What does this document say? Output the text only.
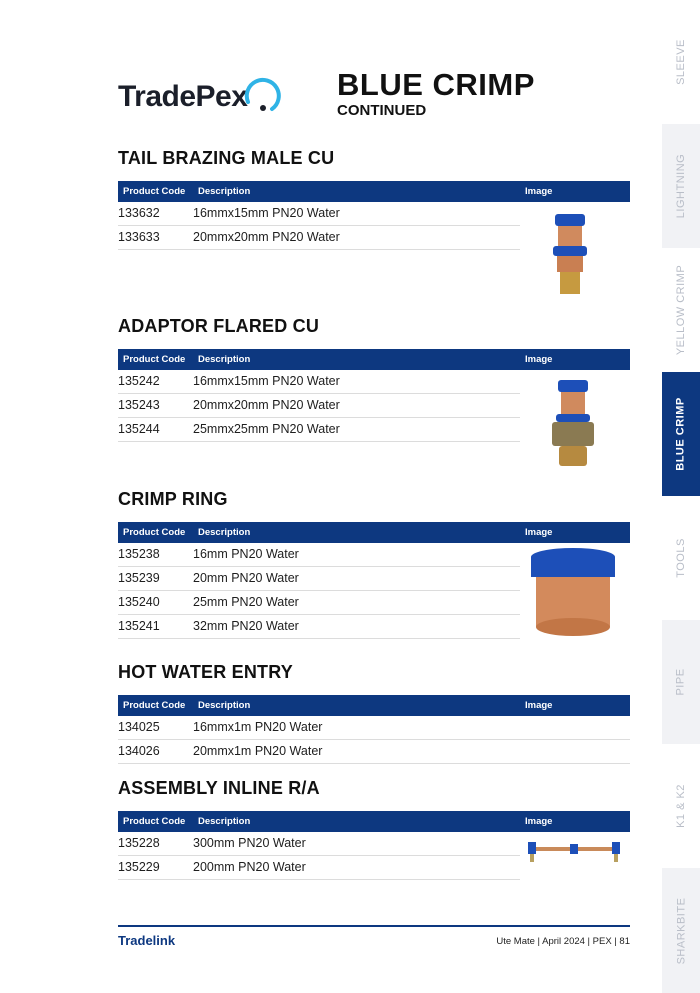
SLEEVE
LIGHTNING
YELLOW CRIMP
BLUE CRIMP
TOOLS
PIPE
K1 & K2
SHARKBITE
TradePex	BLUE CRIMP
CONTINUED
TAIL BRAZING MALE CU
Product Code Description	Image
133632	16mmx15mm PN20 Water
133633	20mmx20mm PN20 Water
ADAPTOR FLARED CU
Product Code Description	Image
135242	16mmx15mm PN20 Water
135243	20mmx20mm PN20 Water
135244	25mmx25mm PN20 Water
CRIMP RING
Product Code Description	Image
135238	16mm PN20 Water
135239	20mm PN20 Water
135240	25mm PN20 Water
135241	32mm PN20 Water
HOT WATER ENTRY
Product Code Description	Image
134025	16mmx1m PN20 Water
134026	20mmx1m PN20 Water
ASSEMBLY INLINE R/A
Product Code Description	Image
135228	300mm PN20 Water
135229	200mm PN20 Water
Tradelink	Ute Mate | April 2024 | PEX | 81
